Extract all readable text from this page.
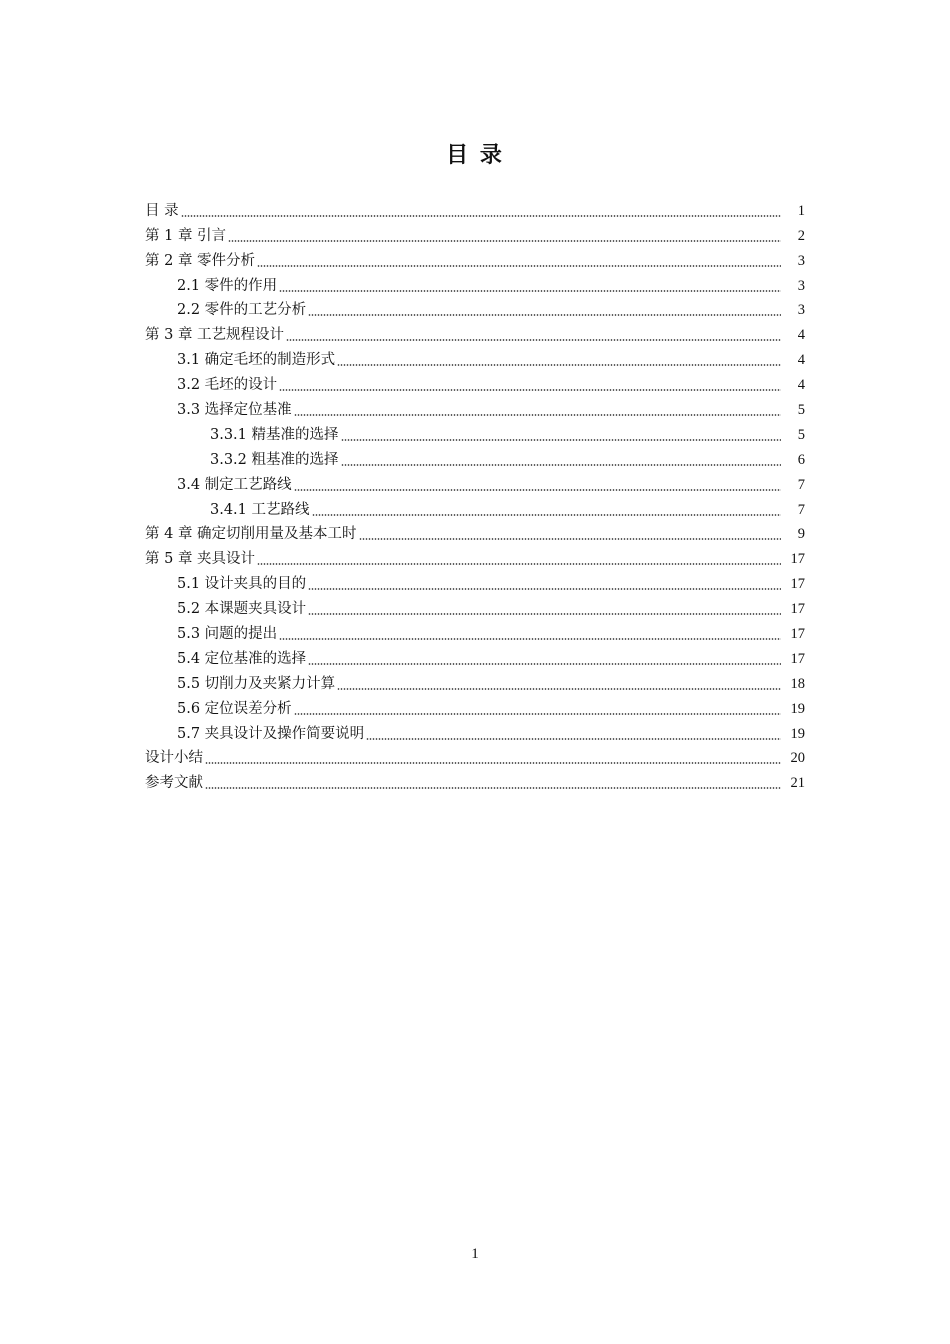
目 录
目 录	1
第 1 章 引言	2
第 2 章 零件分析	3
2.1 零件的作用	3
2.2 零件的工艺分析	3
第 3 章 工艺规程设计	4
3.1 确定毛坯的制造形式	4
3.2 毛坯的设计	4
3.3 选择定位基准	5
3.3.1 精基准的选择	5
3.3.2 粗基准的选择	6
3.4 制定工艺路线	7
3.4.1 工艺路线	7
第 4 章 确定切削用量及基本工时	9
第 5 章 夹具设计	17
5.1 设计夹具的目的	17
5.2 本课题夹具设计	17
5.3 问题的提出	17
5.4 定位基准的选择	17
5.5 切削力及夹紧力计算	18
5.6 定位误差分析	19
5.7 夹具设计及操作简要说明	19
设计小结	20
参考文献	21
1
